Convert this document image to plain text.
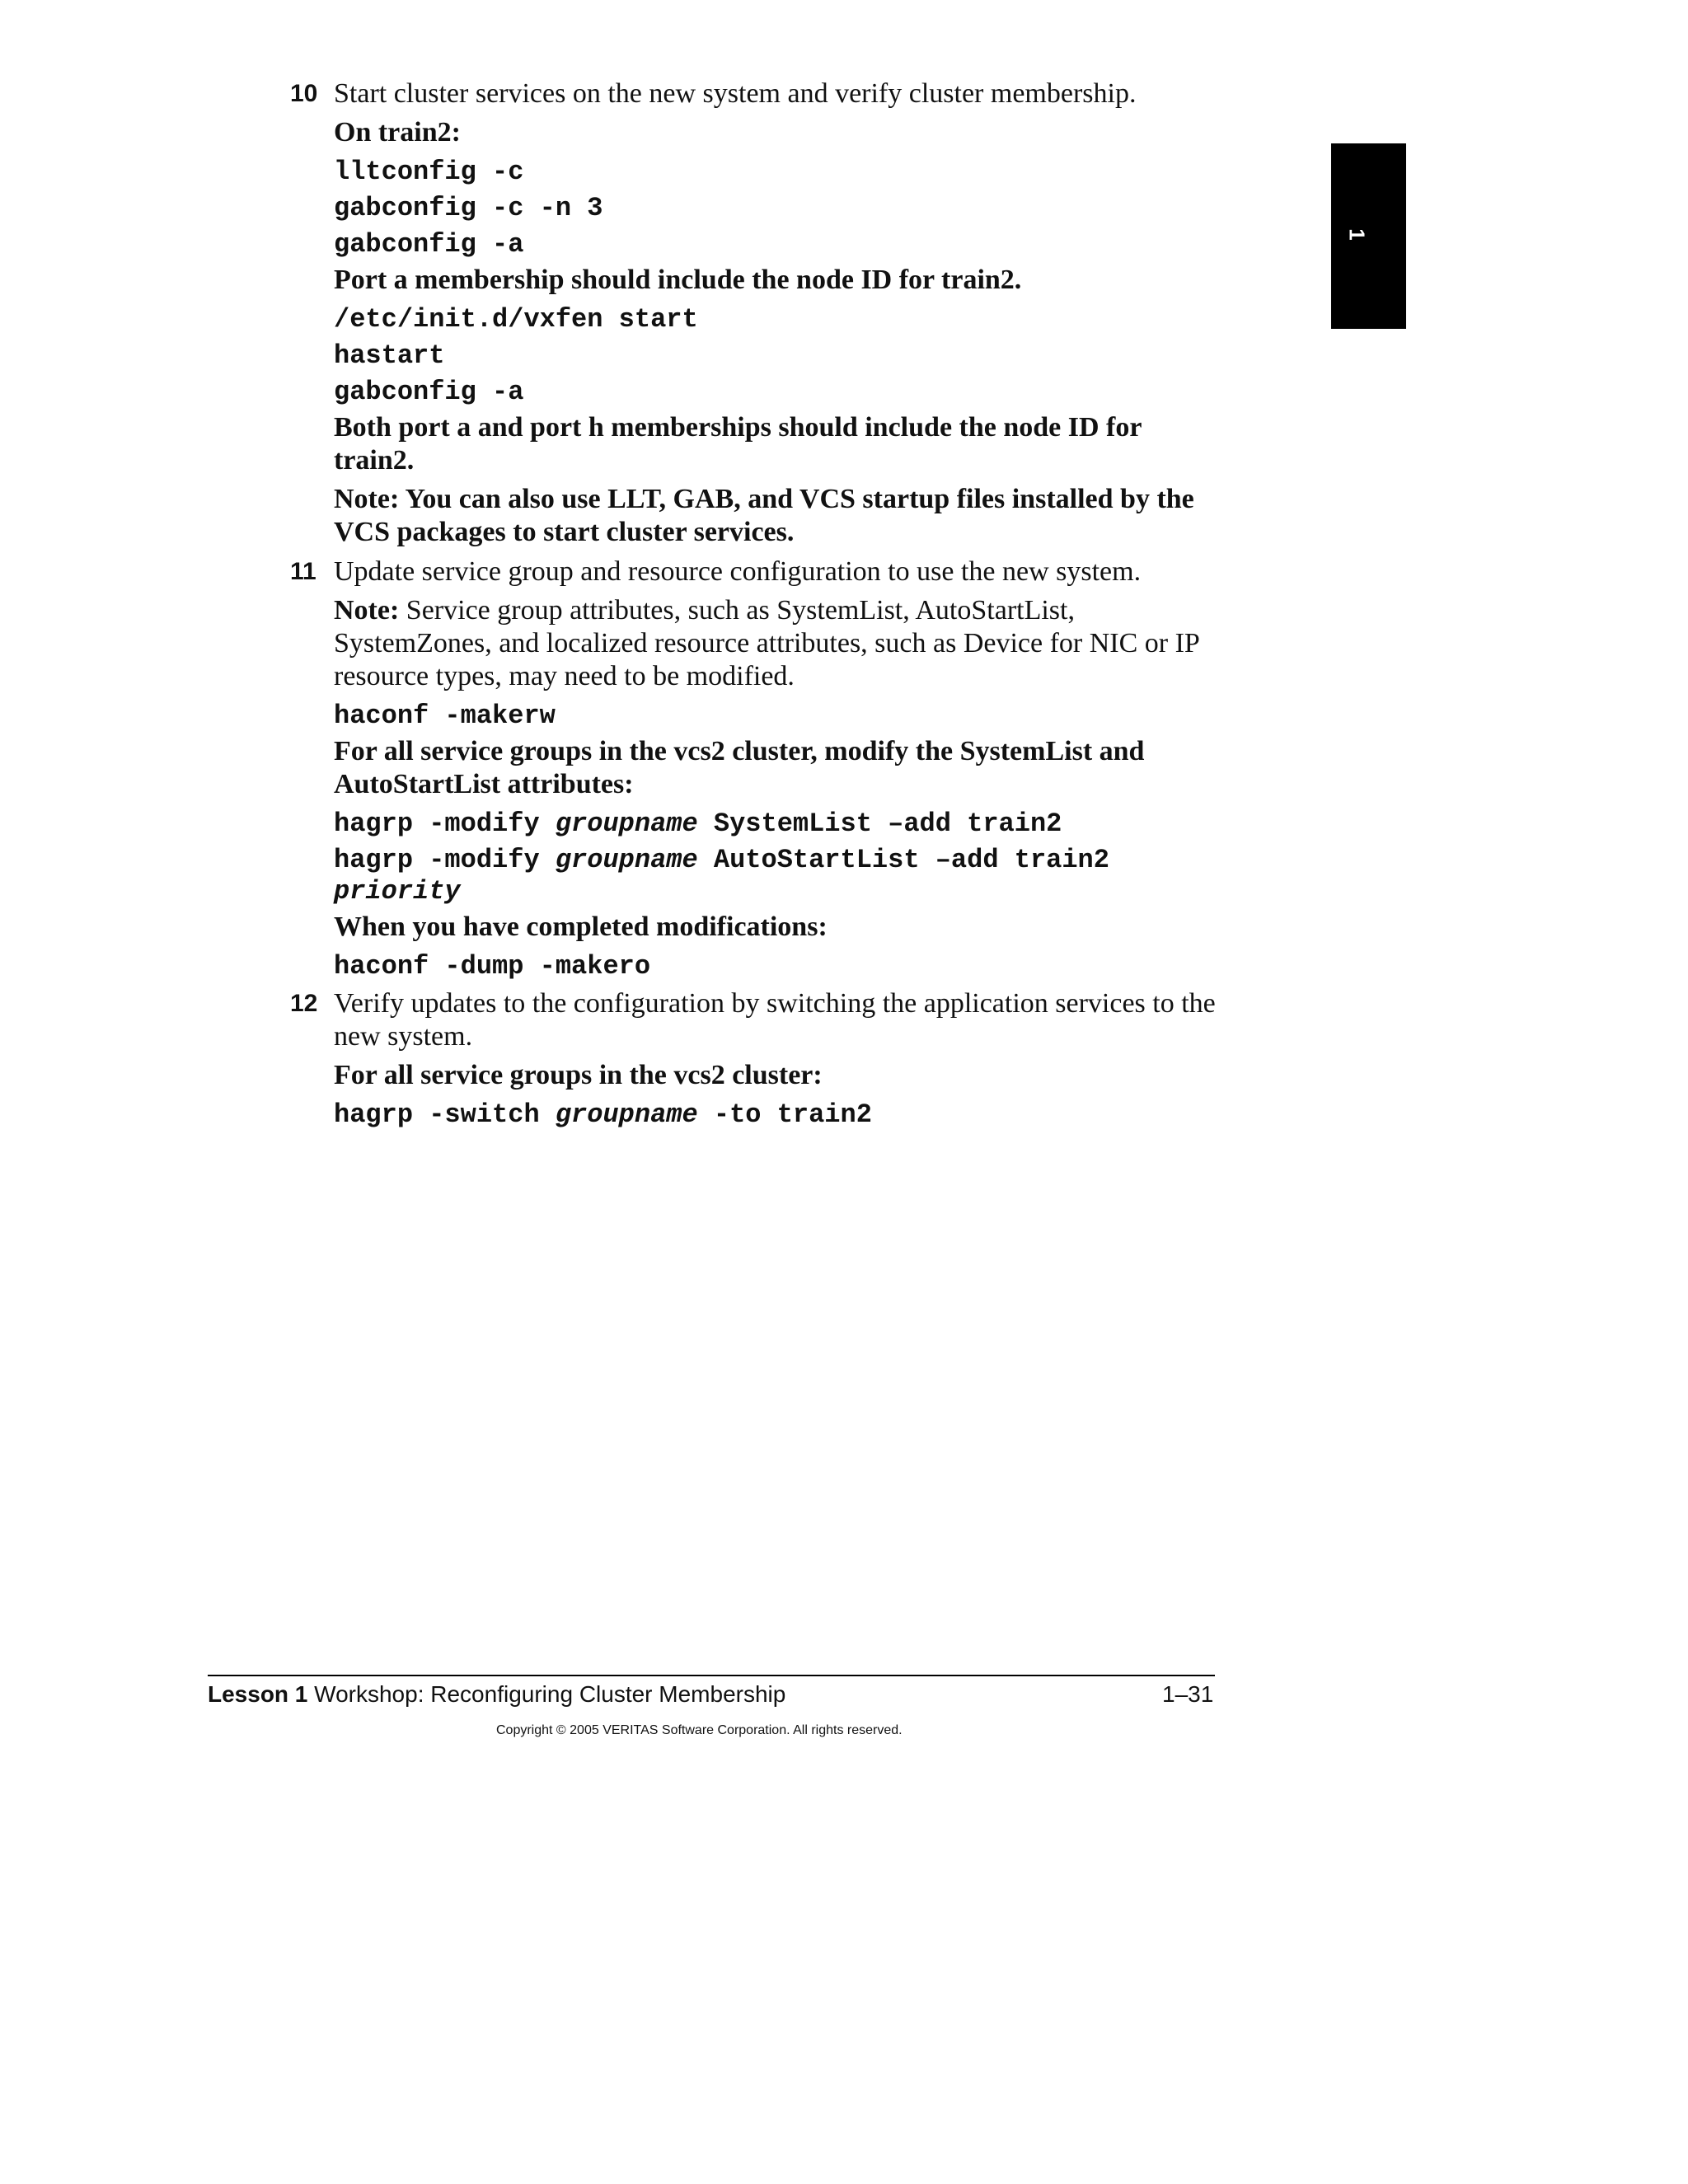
1
10 Start cluster services on the new system and verify cluster membership.

On train2:

lltconfig -c

gabconfig -c -n 3

gabconfig -a

Port a membership should include the node ID for train2.

/etc/init.d/vxfen start

hastart

gabconfig -a

Both port a and port h memberships should include the node ID for

train2.

Note: You can also use LLT, GAB, and VCS startup files installed by the

VCS packages to start cluster services.

11 Update service group and resource configuration to use the new system.

Note: Service group attributes, such as SystemList, AutoStartList,

SystemZones, and localized resource attributes, such as Device for NIC or IP

resource types, may need to be modified.

haconf -makerw

For all service groups in the vcs2 cluster, modify the SystemList and

AutoStartList attributes:

hagrp -modify groupname SystemList –add train2

hagrp -modify groupname AutoStartList –add train2

priority

When you have completed modifications:

haconf -dump -makero

12 Verify updates to the configuration by switching the application services to the

new system.

For all service groups in the vcs2 cluster:

hagrp -switch groupname -to train2

Lesson 1 Workshop: Reconfiguring Cluster Membership	1–31
Copyright © 2005 VERITAS Software Corporation. All rights reserved.
